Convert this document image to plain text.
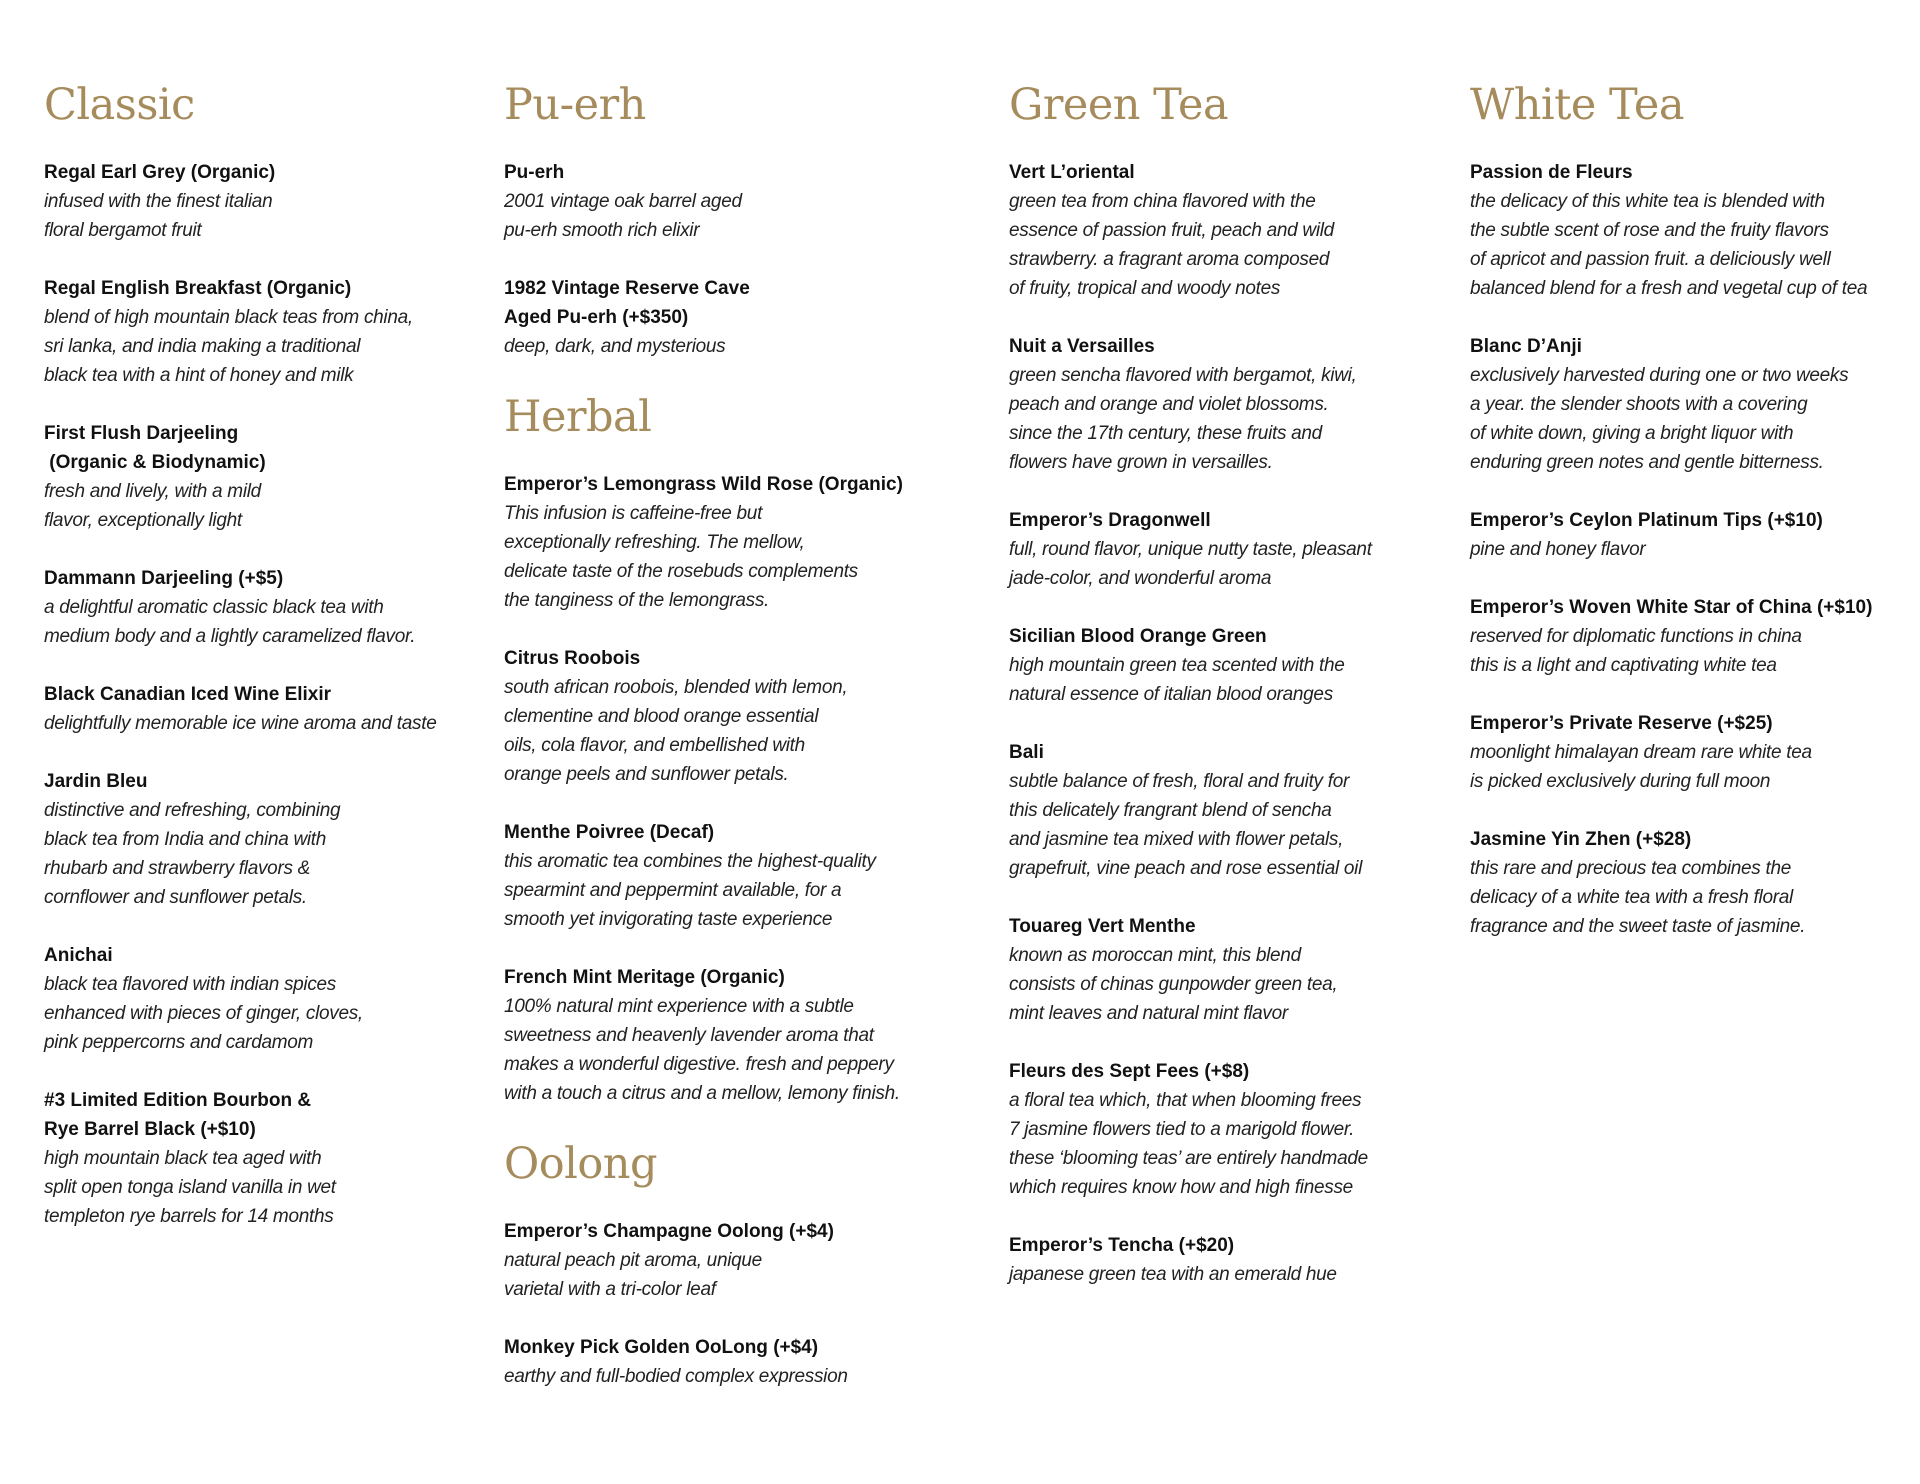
Classic

Regal Earl Grey (Organic)

infused with the finest italian
floral bergamot fruit

Regal English Breakfast (Organic)

blend of high mountain black teas from china,
sri lanka, and india making a traditional
black tea with a hint of honey and milk

First Flush Darjeeling
(Organic & Biodynamic)

fresh and lively, with a mild
flavor, exceptionally light

Dammann Darjeeling (+$5)

a delightful aromatic classic black tea with
medium body and a lightly caramelized flavor.

Black Canadian Iced Wine Elixir

delightfully memorable ice wine aroma and taste

Jardin Bleu

distinctive and refreshing, combining
black tea from India and china with
rhubarb and strawberry flavors &
cornflower and sunflower petals.

Anichai

black tea flavored with indian spices
enhanced with pieces of ginger, cloves,
pink peppercorns and cardamom

#3 Limited Edition Bourbon &
Rye Barrel Black (+$10)

high mountain black tea aged with
split open tonga island vanilla in wet
templeton rye barrels for 14 months

Pu-erh

Pu-erh

2001 vintage oak barrel aged
pu-erh smooth rich elixir

1982 Vintage Reserve Cave
Aged Pu-erh (+$350)

deep, dark, and mysterious

Herbal

Emperor’s Lemongrass Wild Rose (Organic)

This infusion is caffeine-free but
exceptionally refreshing. The mellow,
delicate taste of the rosebuds complements
the tanginess of the lemongrass.

Citrus Roobois

south african roobois, blended with lemon,
clementine and blood orange essential
oils, cola flavor, and embellished with
orange peels and sunflower petals.

Menthe Poivree (Decaf)

this aromatic tea combines the highest-quality
spearmint and peppermint available, for a
smooth yet invigorating taste experience

French Mint Meritage (Organic)

100% natural mint experience with a subtle
sweetness and heavenly lavender aroma that
makes a wonderful digestive. fresh and peppery
with a touch a citrus and a mellow, lemony finish.

Oolong

Emperor’s Champagne Oolong (+$4)

natural peach pit aroma, unique
varietal with a tri-color leaf

Monkey Pick Golden OoLong (+$4)

earthy and full-bodied complex expression

Green Tea

Vert L’oriental

green tea from china flavored with the
essence of passion fruit, peach and wild
strawberry. a fragrant aroma composed
of fruity, tropical and woody notes

Nuit a Versailles

green sencha flavored with bergamot, kiwi,
peach and orange and violet blossoms.
since the 17th century, these fruits and
flowers have grown in versailles.

Emperor’s Dragonwell

full, round flavor, unique nutty taste, pleasant
jade-color, and wonderful aroma

Sicilian Blood Orange Green

high mountain green tea scented with the
natural essence of italian blood oranges

Bali

subtle balance of fresh, floral and fruity for
this delicately frangrant blend of sencha
and jasmine tea mixed with flower petals,
grapefruit, vine peach and rose essential oil

Touareg Vert Menthe

known as moroccan mint, this blend
consists of chinas gunpowder green tea,
mint leaves and natural mint flavor

Fleurs des Sept Fees (+$8)

a floral tea which, that when blooming frees
7 jasmine flowers tied to a marigold flower.
these ‘blooming teas’ are entirely handmade
which requires know how and high finesse

Emperor’s Tencha (+$20)

japanese green tea with an emerald hue

White Tea

Passion de Fleurs

the delicacy of this white tea is blended with
the subtle scent of rose and the fruity flavors
of apricot and passion fruit. a deliciously well
balanced blend for a fresh and vegetal cup of tea

Blanc D’Anji

exclusively harvested during one or two weeks
a year. the slender shoots with a covering
of white down, giving a bright liquor with
enduring green notes and gentle bitterness.

Emperor’s Ceylon Platinum Tips (+$10)

pine and honey flavor

Emperor’s Woven White Star of China (+$10)

reserved for diplomatic functions in china
this is a light and captivating white tea

Emperor’s Private Reserve (+$25)

moonlight himalayan dream rare white tea
is picked exclusively during full moon

Jasmine Yin Zhen (+$28)

this rare and precious tea combines the
delicacy of a white tea with a fresh floral
fragrance and the sweet taste of jasmine.
